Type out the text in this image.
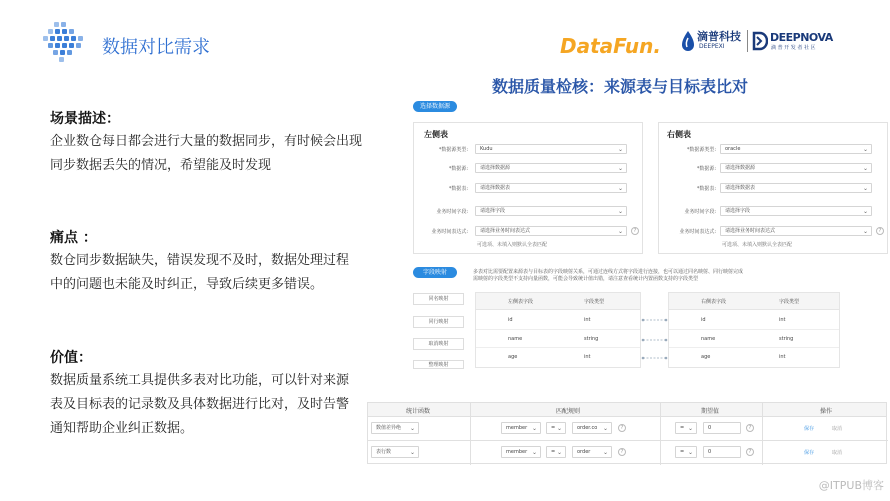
数据对比需求	DataFun.	滴普科技
DEEPEXI
DEEPNOVA
滴 普 开 发 者 社 区
数据质量检核：来源表与目标表比对
场景描述：
企业数仓每日都会进行大量的数据同步，有时候会出现
同步数据丢失的情况，希望能及时发现
痛点 ：
数仓同步数据缺失，错误发现不及时，数据处理过程
中的问题也未能及时纠正，导致后续更多错误。
价值：
数据质量系统工具提供多表对比功能，可以针对来源
表及目标表的记录数及具体数据进行比对，及时告警
通知帮助企业纠正数据。
选择数据源
左侧表	右侧表
*数据源类型:	Kudu	⌄
*数据源:	请选择数据源	⌄
*数据表:	请选择数据表	⌄
业务时间字段:	请选择字段	⌄
业务时间表达式:	请选择业务时间表达式	⌄	?
可选项、未填入则默认全表匹配
*数据源类型:	oracle	⌄
*数据源:	请选择数据源	⌄
*数据表:	请选择数据表	⌄
业务时间字段:	请选择字段	⌄
业务时间表达式:	请选择业务时间表达式	⌄	?
可选项、未填入则默认全表匹配
字段映射	多表对比需要配置来源表与目标表的字段映射关系，可通过连线方式将字段进行连接，也可以通过同名映射、同行映射完成
需映射的字段类型不支持向量函数，可能会导致统计值出错，请注意查看统计内置函数支持的字段类型
同名映射
同行映射
取消映射
整理映射
左侧表字段	字段类型
id	int
name	string
age	int
右侧表字段	字段类型
id	int
name	string
age	int
统计函数	匹配规则	期望值	操作
数值差异绝 ⌄	member ⌄	= ⌄	order.co ⌄	?	= ⌄	0	?	保存	取消
表行数	⌄	member ⌄	= ⌄	order ⌄	?	= ⌄	0	?	保存	取消
@ITPUB博客
